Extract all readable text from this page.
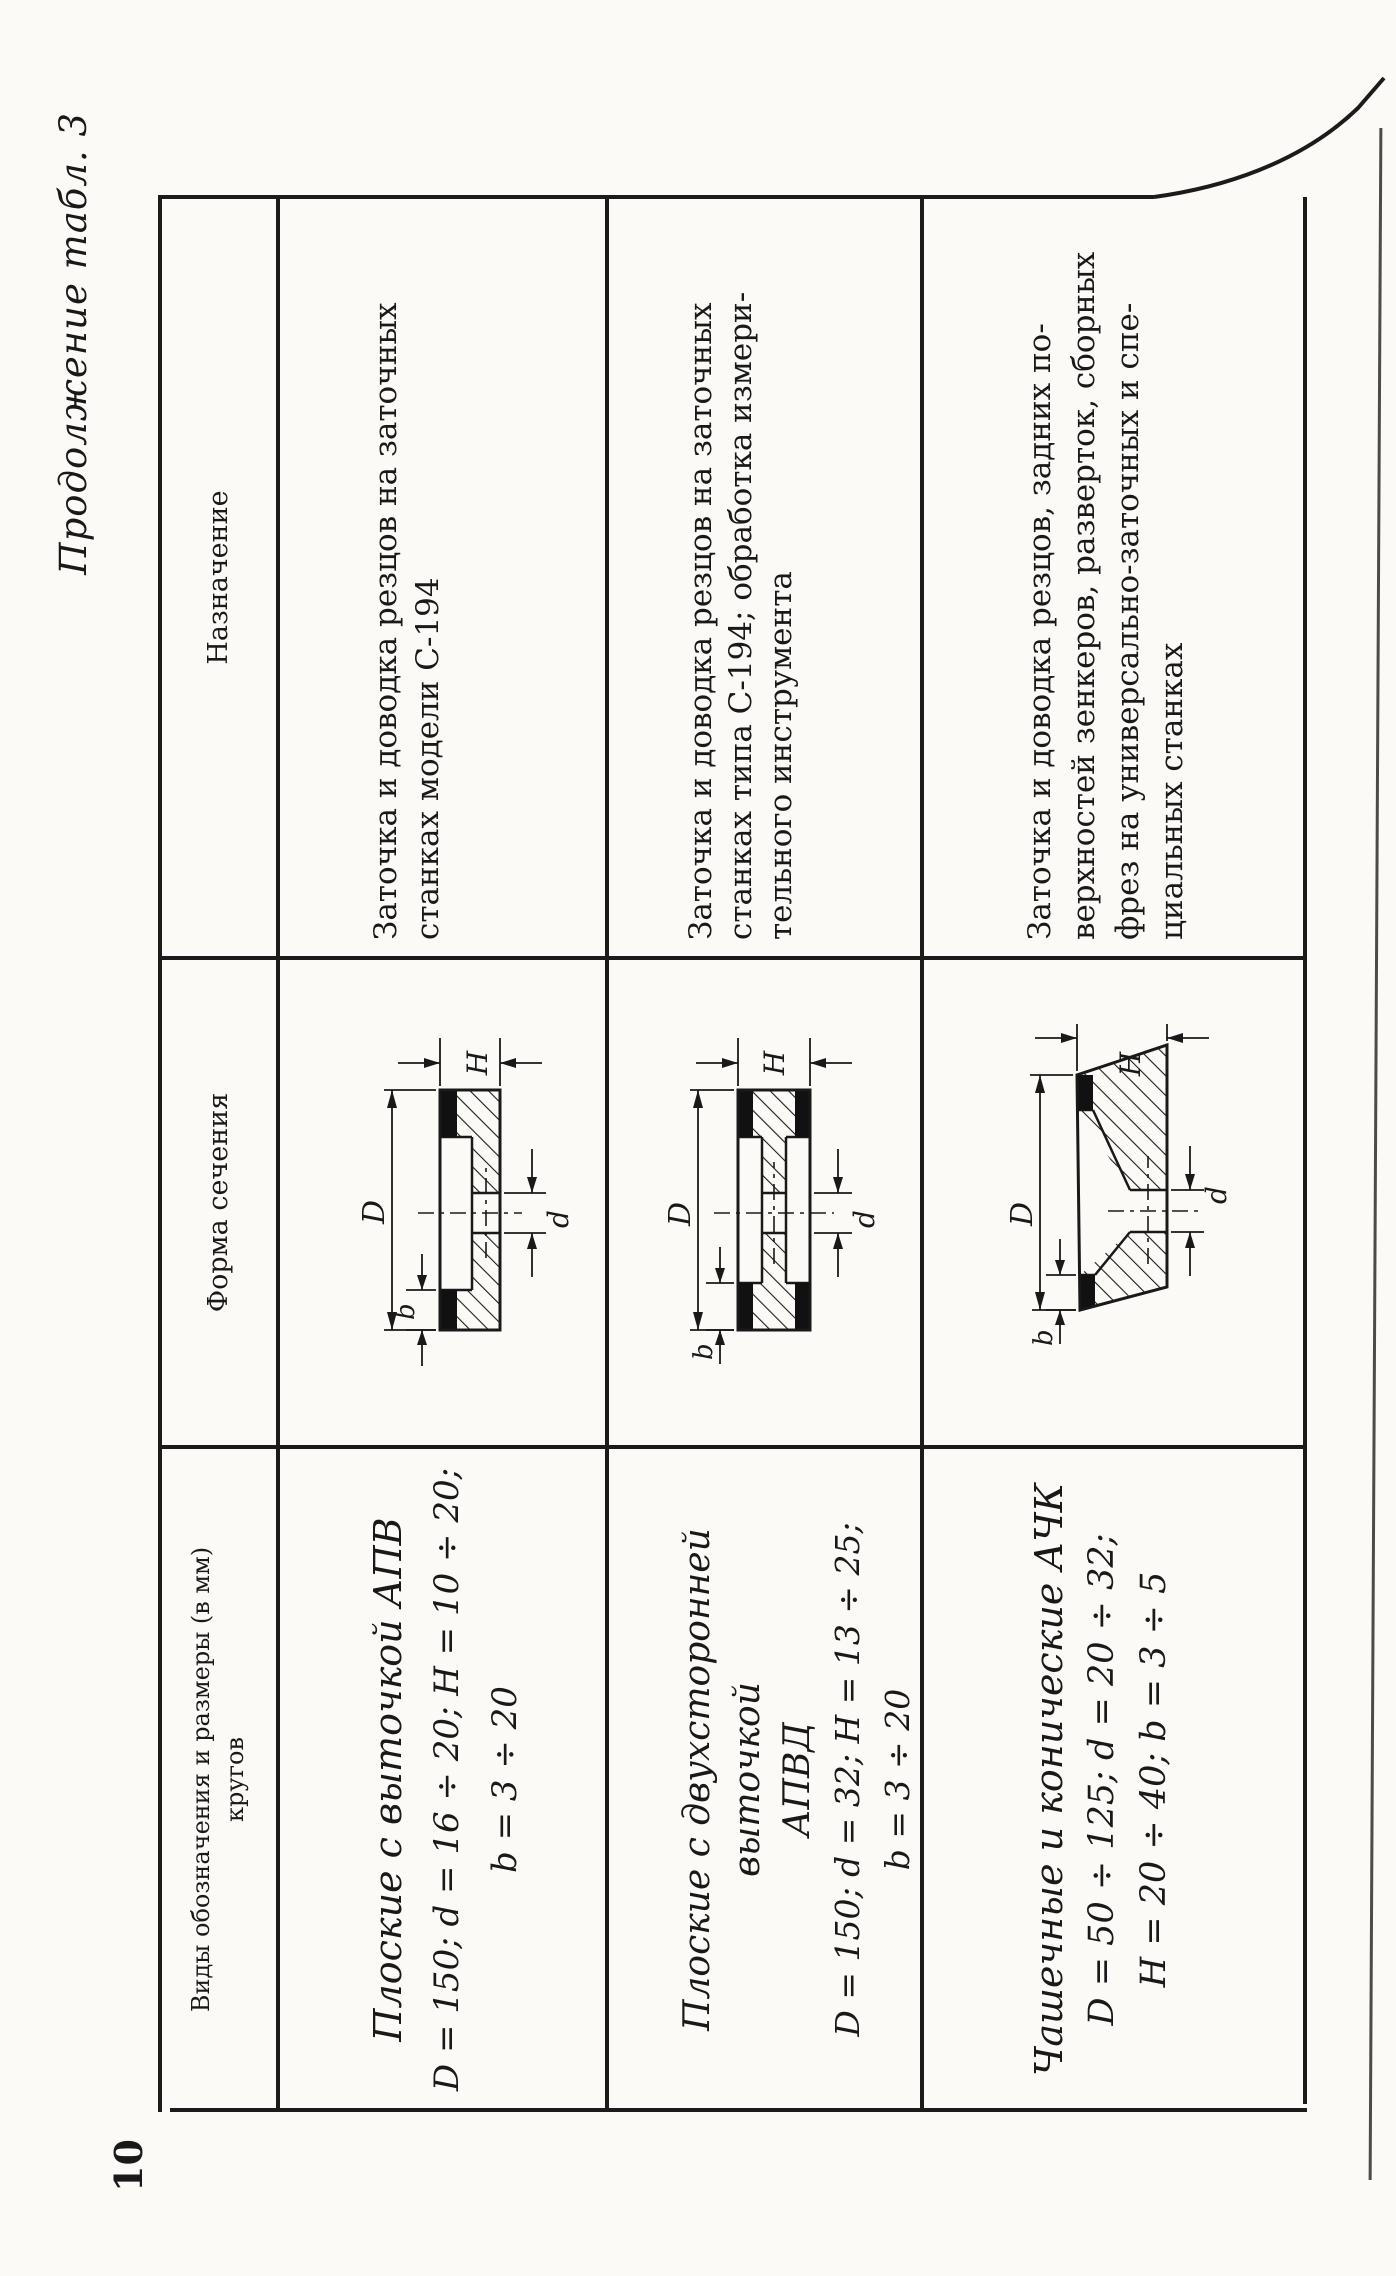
10
Продолжение табл. 3
Виды обозначения и размеры (в мм) кругов
Форма сечения
Назначение
Плоские с выточкой АПВ D = 150; d = 16 ÷ 20; H = 10 ÷ 20; b = 3 ÷ 20
D
H
d
b
Заточка и доводка резцов на заточных станках модели С-194
Плоские с двухсторонней выточкой АПВД D = 150; d = 32; H = 13 ÷ 25; b = 3 ÷ 20
D
H
d
b
Заточка и доводка резцов на заточных станках типа С-194; обработка измери- тельного инструмента
Чашечные и конические АЧК D = 50 ÷ 125; d = 20 ÷ 32; H = 20 ÷ 40; b = 3 ÷ 5
D
H
d
b
Заточка и доводка резцов, задних по- верхностей зенкеров, разверток, сборных фрез на универсально-заточных и спе- циальных станках
